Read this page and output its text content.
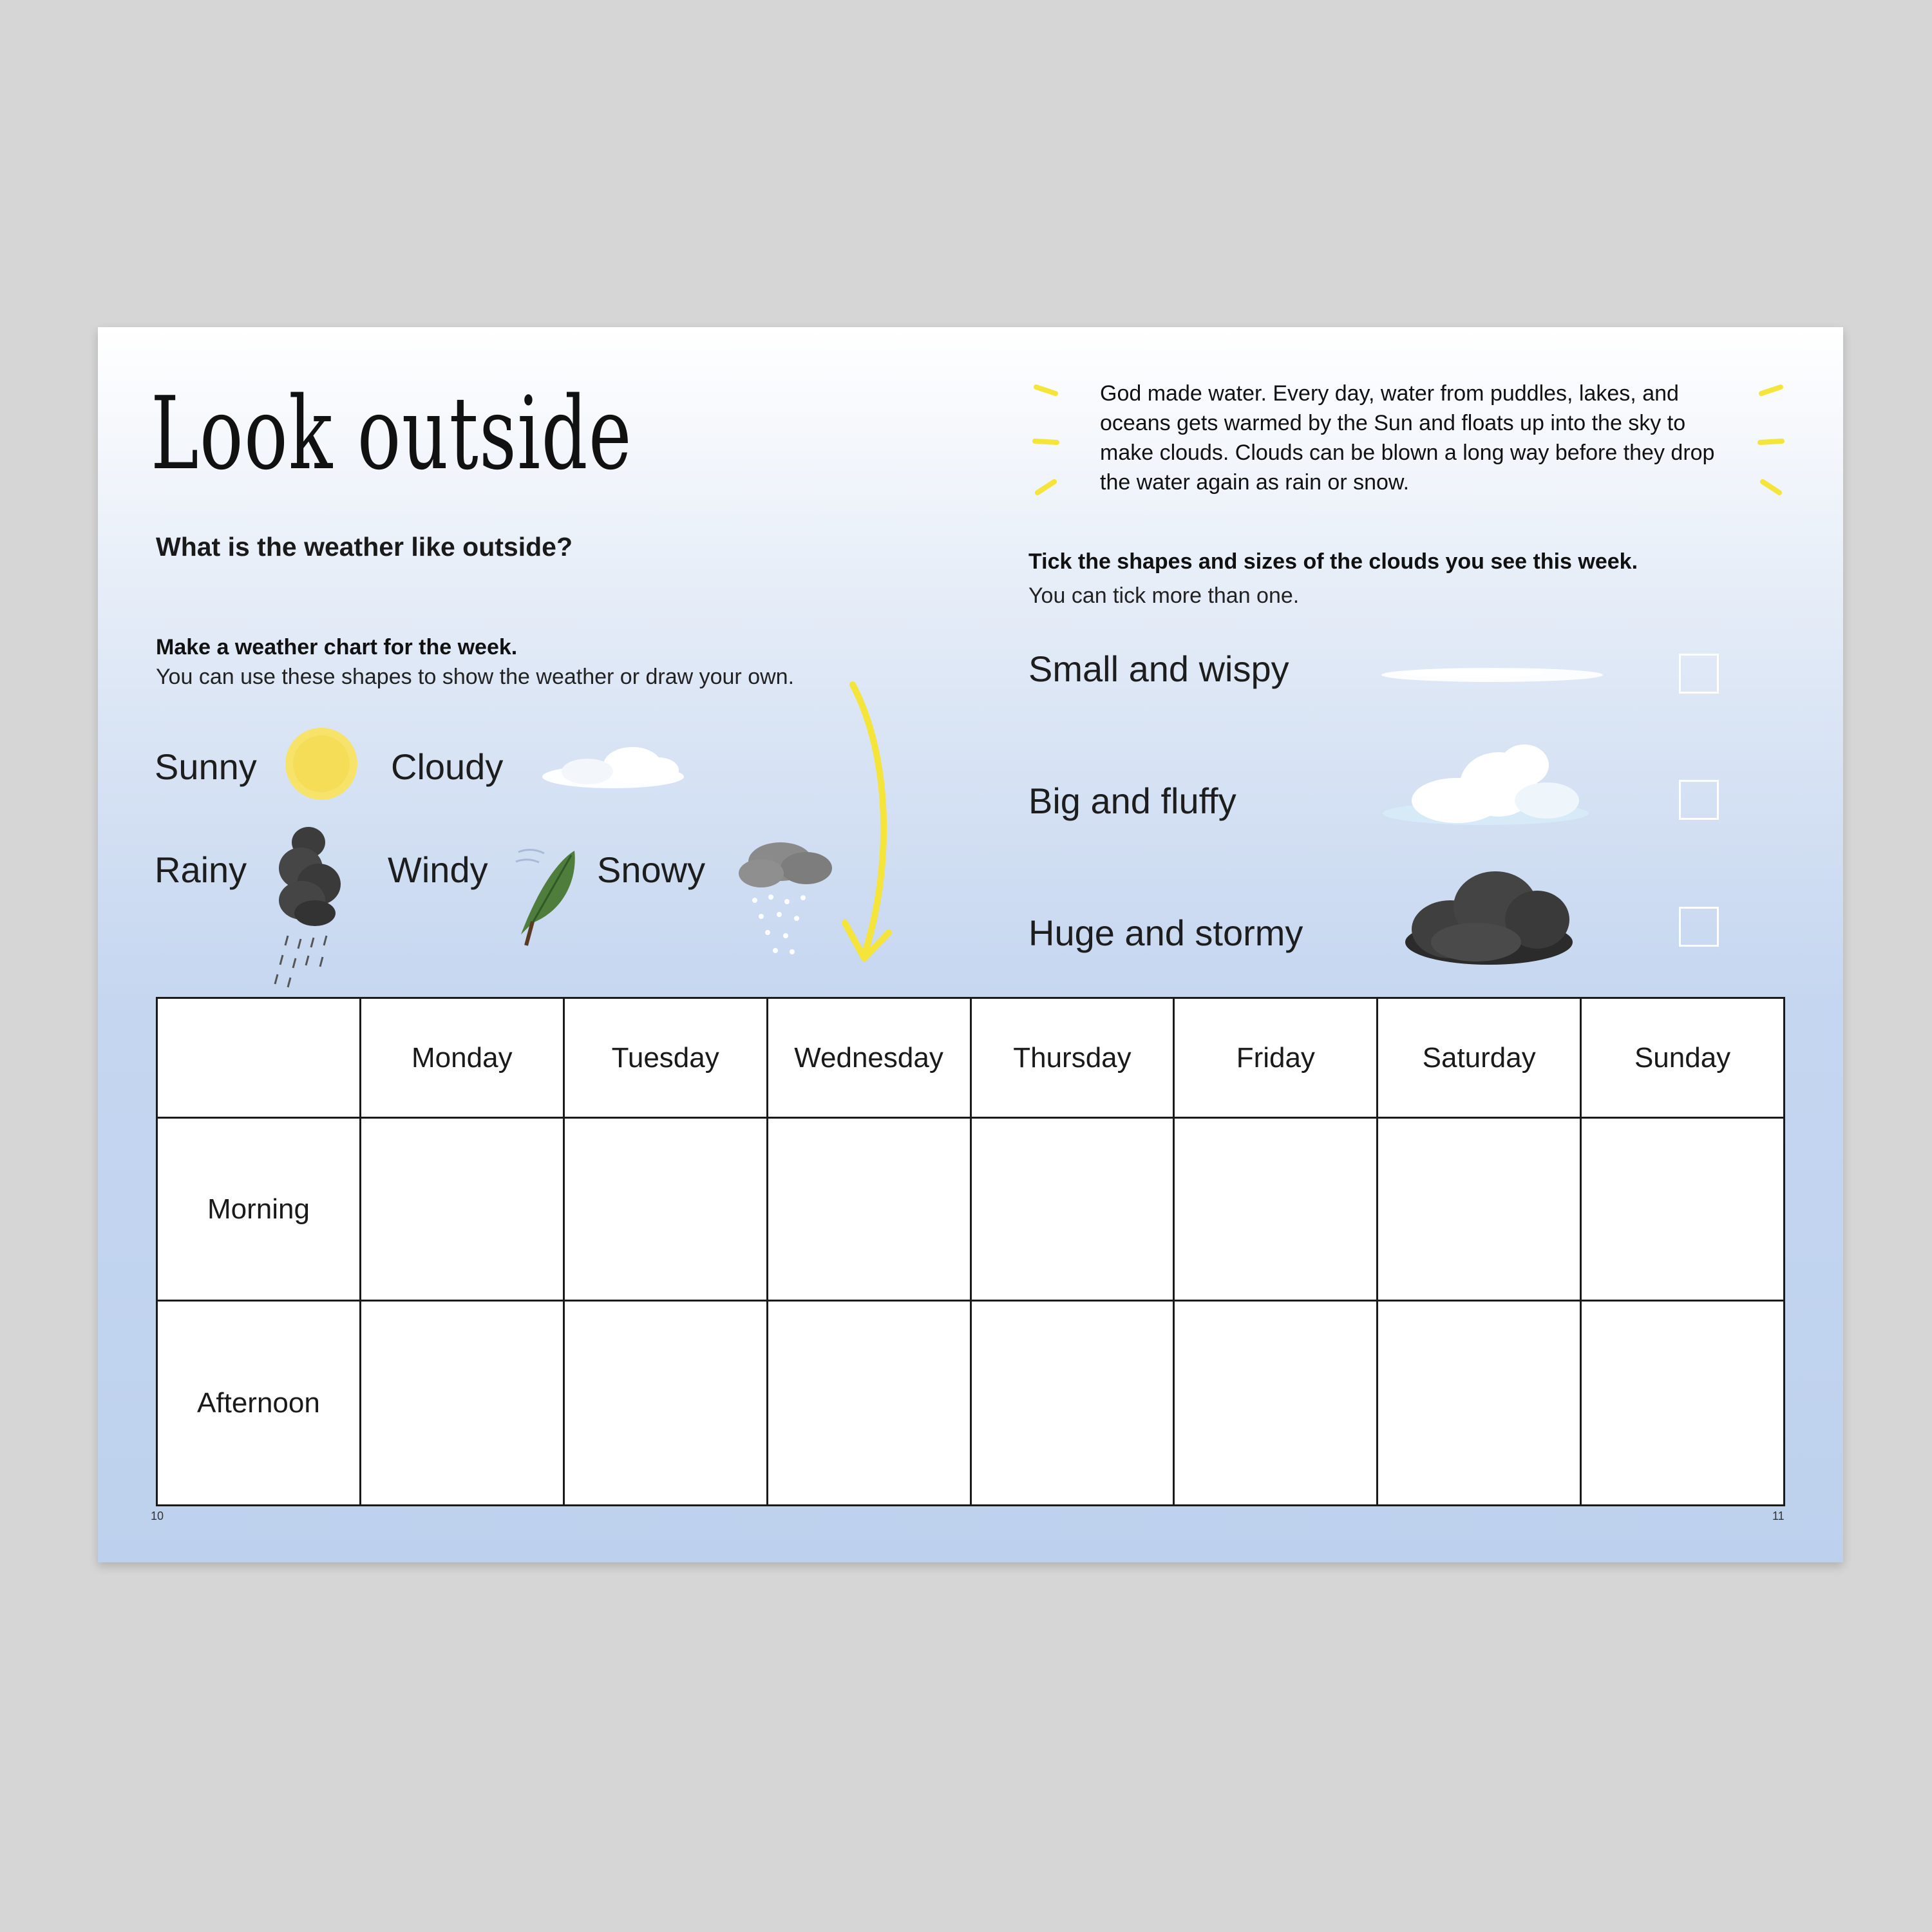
Look outside
What is the weather like outside?
Make a weather chart for the week.
You can use these shapes to show the weather or draw your own.
Sunny	Cloudy
Rainy	Windy	Snowy
God made water. Every day, water from puddles, lakes, and oceans gets warmed by the Sun and floats up into the sky to make clouds. Clouds can be blown a long way before they drop the water again as rain or snow.
Tick the shapes and sizes of the clouds you see this week.
You can tick more than one.
Small and wispy
Big and fluffy
Huge and stormy
	Monday	Tuesday	Wednesday	Thursday	Friday	Saturday	Sunday
Morning							
Afternoon							
10	11
